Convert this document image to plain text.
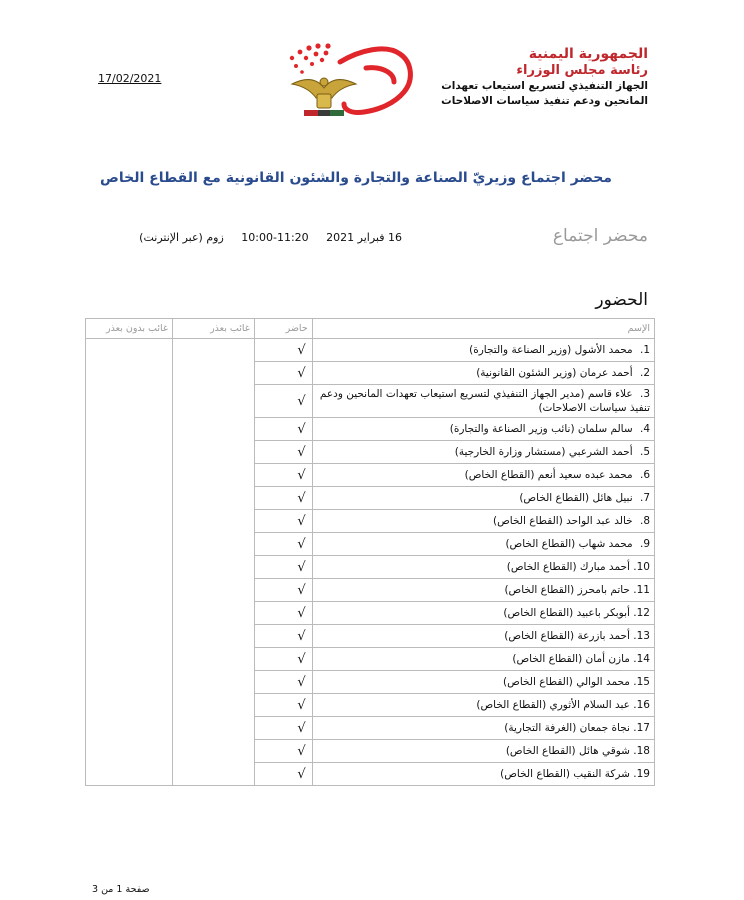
17/02/2021
الجمهورية اليمنية
رئاسة مجلس الوزراء
الجهاز التنفيذي لتسريع استيعاب تعهدات
المانحين ودعم تنفيذ سياسات الاصلاحات
محضر اجتماع وزيريّ الصناعة والتجارة والشئون القانونية مع القطاع الخاص
محضر اجتماع
16 فبراير 2021 11:20-10:00 زوم (عبر الإنترنت)
الحضور
الإسم	حاضر	غائب بعذر	غائب بدون بعذر
1. محمد الأشول (وزير الصناعة والتجارة)	√		
2. أحمد عرمان (وزير الشئون القانونية)	√		
3. علاء قاسم (مدير الجهاز التنفيذي لتسريع استيعاب تعهدات المانحين ودعم تنفيذ سياسات الاصلاحات)	√		
4. سالم سلمان (نائب وزير الصناعة والتجارة)	√		
5. أحمد الشرعبي (مستشار وزارة الخارجية)	√		
6. محمد عبده سعيد أنعم (القطاع الخاص)	√		
7. نبيل هائل (القطاع الخاص)	√		
8. خالد عبد الواحد (القطاع الخاص)	√		
9. محمد شهاب (القطاع الخاص)	√		
10. أحمد مبارك (القطاع الخاص)	√		
11. حاتم بامحرز (القطاع الخاص)	√		
12. أبوبكر باعبيد (القطاع الخاص)	√		
13. أحمد بازرعة (القطاع الخاص)	√		
14. مازن أمان (القطاع الخاص)	√		
15. محمد الوالي (القطاع الخاص)	√		
16. عبد السلام الأثوري (القطاع الخاص)	√		
17. نجاة جمعان (الغرفة التجارية)	√		
18. شوقي هائل (القطاع الخاص)	√		
19. شركة النقيب (القطاع الخاص)	√		
صفحة 1 من 3
